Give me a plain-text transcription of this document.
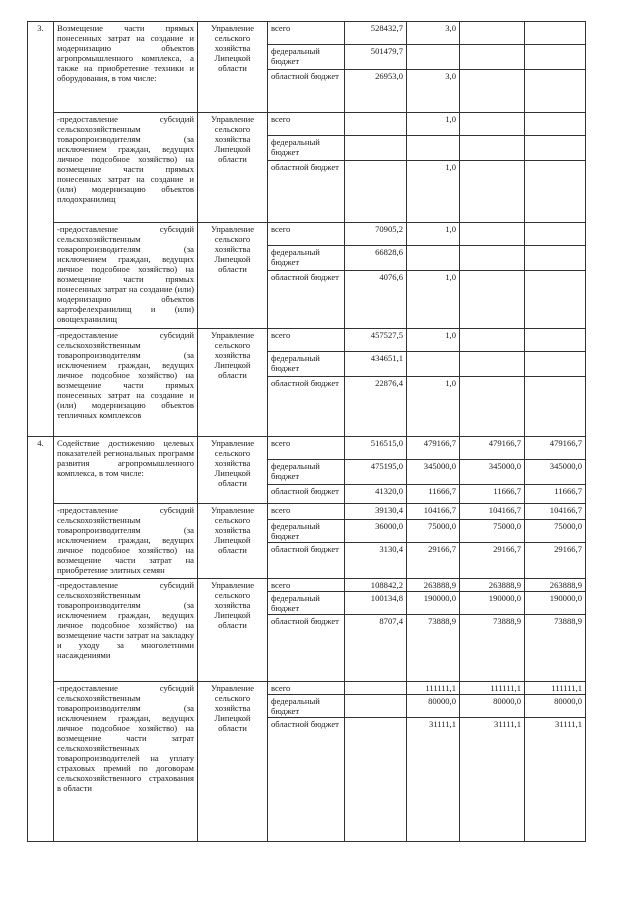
3.	Возмещение части прямых понесенных затрат на создание и модернизацию объектов агропромышленного комплекса, а также на приобретение техники и оборудования, в том числе:	Управление сельского хозяйства Липецкой области	всего	528432,7	3,0		
			федеральный бюджет	501479,7			
			областной бюджет	26953,0	3,0		
	-предоставление субсидий сельскохозяйственным товаропроизводителям (за исключением граждан, ведущих личное подсобное хозяйство) на возмещение части прямых понесенных затрат на создание и (или) модернизацию объектов плодохранилищ	Управление сельского хозяйства Липецкой области	всего		1,0		
			федеральный бюджет				
			областной бюджет		1,0		
	-предоставление субсидий сельскохозяйственным товаропроизводителям (за исключением граждан, ведущих личное подсобное хозяйство) на возмещение части прямых понесенных затрат на создание (или) модернизацию объектов картофелехранилищ и (или) овощехранилищ	Управление сельского хозяйства Липецкой области	всего	70905,2	1,0		
			федеральный бюджет	66828,6			
			областной бюджет	4076,6	1,0		
	-предоставление субсидий сельскохозяйственным товаропроизводителям (за исключением граждан, ведущих личное подсобное хозяйство) на возмещение части прямых понесенных затрат на создание и (или) модернизацию объектов тепличных комплексов	Управление сельского хозяйства Липецкой области	всего	457527,5	1,0		
			федеральный бюджет	434651,1			
			областной бюджет	22876,4	1,0		
4.	Содействие достижению целевых показателей региональных программ развития агропромышленного комплекса, в том числе:	Управление сельского хозяйства Липецкой области	всего	516515,0	479166,7	479166,7	479166,7
			федеральный бюджет	475195,0	345000,0	345000,0	345000,0
			областной бюджет	41320,0	11666,7	11666,7	11666,7
	-предоставление субсидий сельскохозяйственным товаропроизводителям (за исключением граждан, ведущих личное подсобное хозяйство) на возмещение части затрат на приобретение элитных семян	Управление сельского хозяйства Липецкой области	всего	39130,4	104166,7	104166,7	104166,7
			федеральный бюджет	36000,0	75000,0	75000,0	75000,0
			областной бюджет	3130,4	29166,7	29166,7	29166,7
	-предоставление субсидий сельскохозяйственным товаропроизводителям (за исключением граждан, ведущих личное подсобное хозяйство) на возмещение части затрат на закладку и уходу за многолетними насаждениями	Управление сельского хозяйства Липецкой области	всего	108842,2	263888,9	263888,9	263888,9
			федеральный бюджет	100134,8	190000,0	190000,0	190000,0
			областной бюджет	8707,4	73888,9	73888,9	73888,9
	-предоставление субсидий сельскохозяйственным товаропроизводителям (за исключением граждан, ведущих личное подсобное хозяйство) на возмещение части затрат сельскохозяйственных товаропроизводителей на уплату страховых премий по договорам сельскохозяйственного страхования в области	Управление сельского хозяйства Липецкой области	всего		111111,1	111111,1	111111,1
			федеральный бюджет		80000,0	80000,0	80000,0
			областной бюджет		31111,1	31111,1	31111,1
